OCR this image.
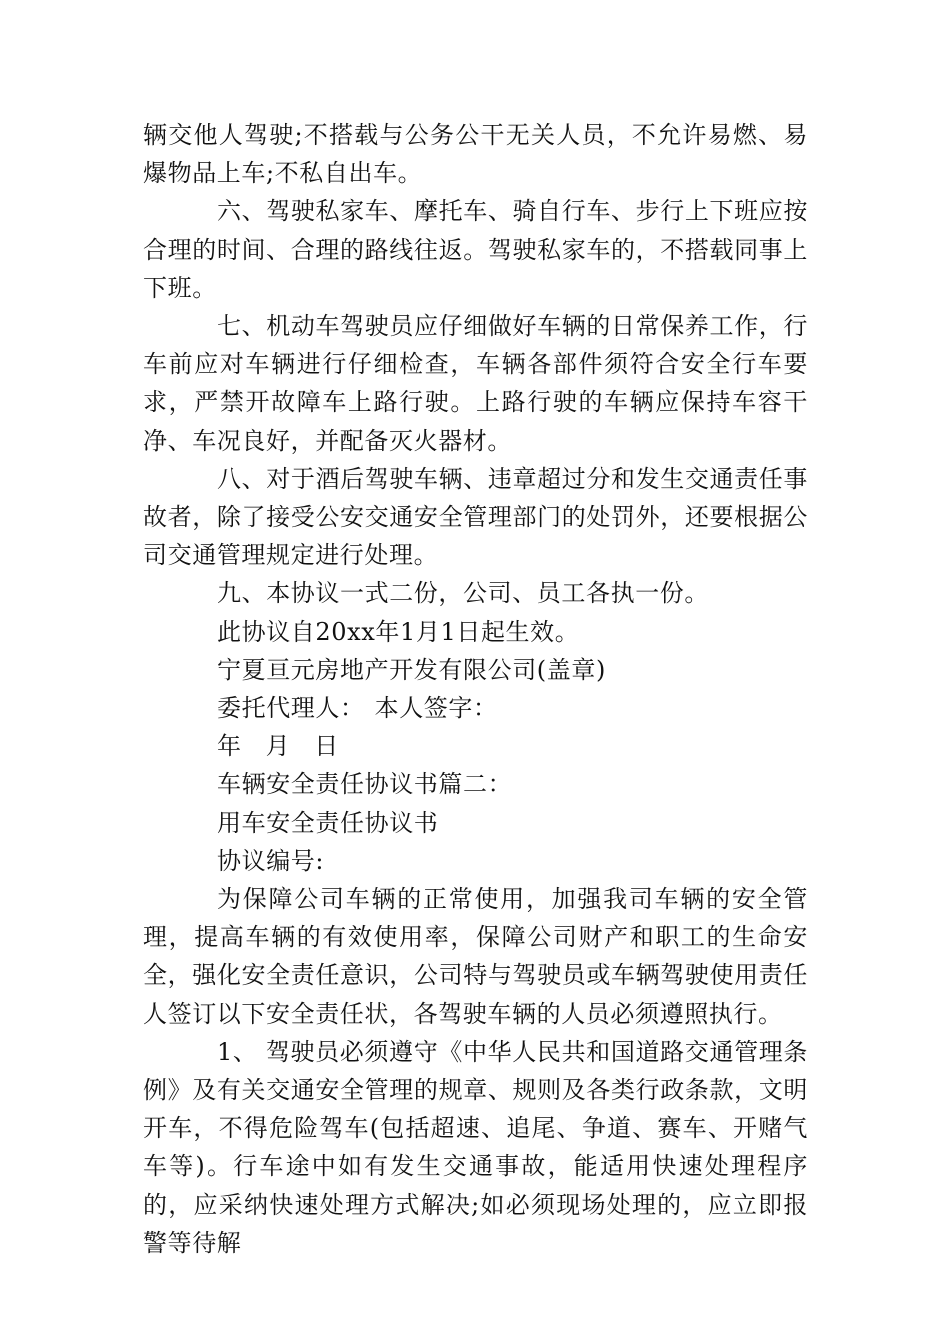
辆交他人驾驶;不搭载与公务公干无关人员，不允许易燃、易爆物品上车;不私自出车。

六、驾驶私家车、摩托车、骑自行车、步行上下班应按合理的时间、合理的路线往返。驾驶私家车的，不搭载同事上下班。

七、机动车驾驶员应仔细做好车辆的日常保养工作，行车前应对车辆进行仔细检查，车辆各部件须符合安全行车要求，严禁开故障车上路行驶。上路行驶的车辆应保持车容干净、车况良好，并配备灭火器材。

八、对于酒后驾驶车辆、违章超过分和发生交通责任事故者，除了接受公安交通安全管理部门的处罚外，还要根据公司交通管理规定进行处理。

九、本协议一式二份，公司、员工各执一份。

此协议自20xx年1月1日起生效。

宁夏亘元房地产开发有限公司(盖章)

委托代理人： 本人签字：

年 月 日

车辆安全责任协议书篇二：

用车安全责任协议书

协议编号:

为保障公司车辆的正常使用，加强我司车辆的安全管理，提高车辆的有效使用率，保障公司财产和职工的生命安全，强化安全责任意识，公司特与驾驶员或车辆驾驶使用责任人签订以下安全责任状，各驾驶车辆的人员必须遵照执行。

1、 驾驶员必须遵守《中华人民共和国道路交通管理条例》及有关交通安全管理的规章、规则及各类行政条款，文明开车，不得危险驾车(包括超速、追尾、争道、赛车、开赌气车等)。行车途中如有发生交通事故，能适用快速处理程序的，应采纳快速处理方式解决;如必须现场处理的，应立即报警等待解
